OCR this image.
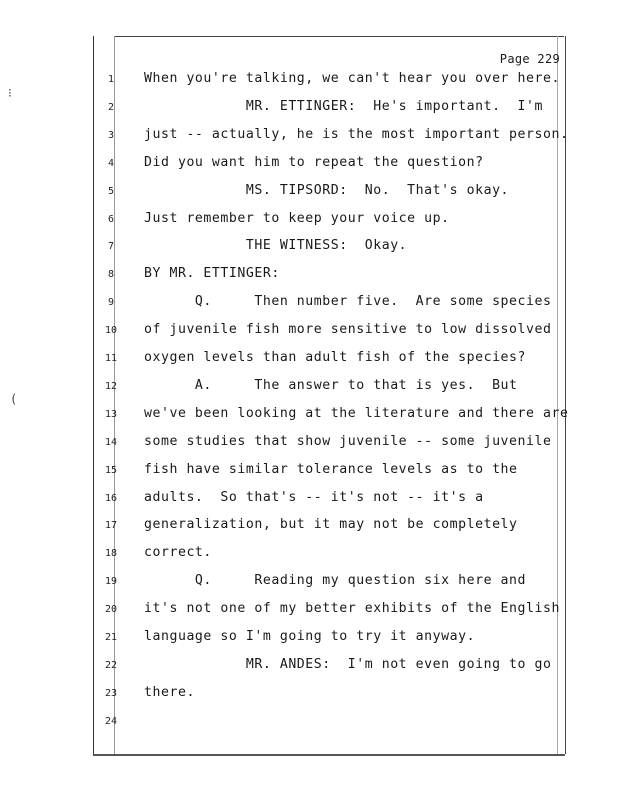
⁝
(
Page 229
1	When you're talking, we can't hear you over here.
2	MR. ETTINGER:  He's important.  I'm
3	just -- actually, he is the most important person.
4	Did you want him to repeat the question?
5	MS. TIPSORD:  No.  That's okay.
6	Just remember to keep your voice up.
7	THE WITNESS:  Okay.
8	BY MR. ETTINGER:
9	Q.     Then number five.  Are some species
10	of juvenile fish more sensitive to low dissolved
11	oxygen levels than adult fish of the species?
12	A.     The answer to that is yes.  But
13	we've been looking at the literature and there are
14	some studies that show juvenile -- some juvenile
15	fish have similar tolerance levels as to the
16	adults.  So that's -- it's not -- it's a
17	generalization, but it may not be completely
18	correct.
19	Q.     Reading my question six here and
20	it's not one of my better exhibits of the English
21	language so I'm going to try it anyway.
22	MR. ANDES:  I'm not even going to go
23	there.
24
